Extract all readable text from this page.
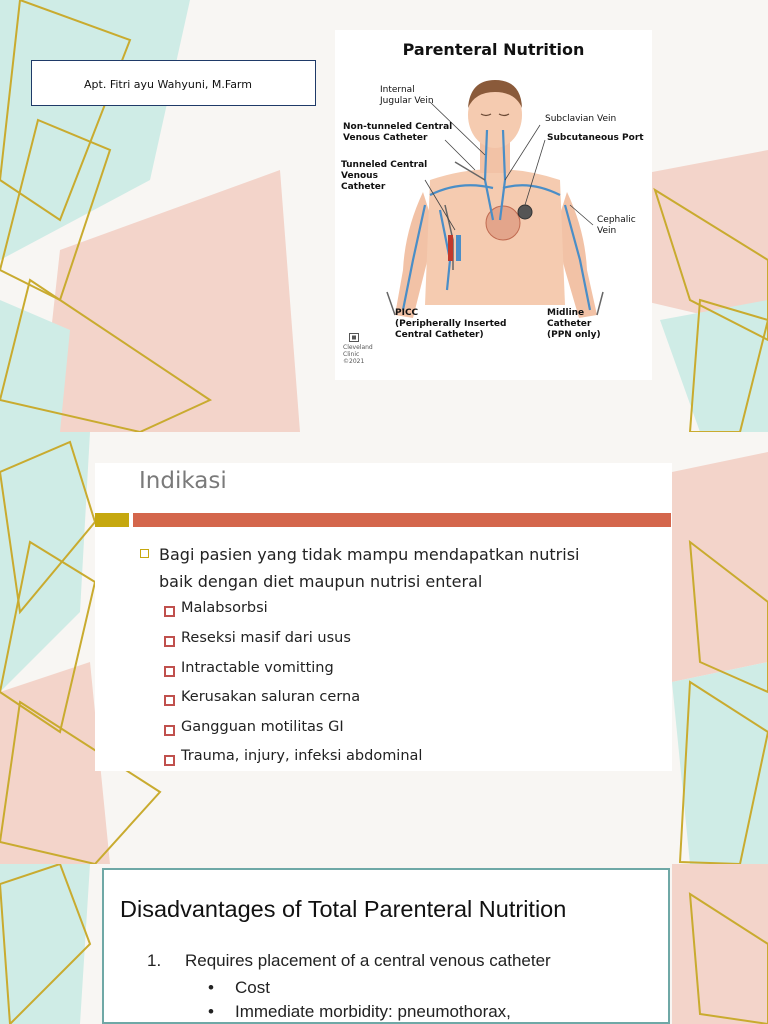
Apt. Fitri ayu Wahyuni, M.Farm
Parenteral Nutrition
Internal
Jugular Vein
Non-tunneled Central
Venous Catheter
Tunneled Central
Venous
Catheter
Subclavian Vein
Subcutaneous Port
Cephalic
Vein
PICC
(Peripherally Inserted
Central Catheter)
Midline
Catheter
(PPN only)
Cleveland
Clinic
©2021
Indikasi
Bagi pasien yang tidak mampu mendapatkan nutrisi
baik dengan diet maupun nutrisi enteral
Malabsorbsi
Reseksi masif dari usus
Intractable vomitting
Kerusakan saluran cerna
Gangguan motilitas GI
Trauma, injury, infeksi abdominal
Disadvantages of Total Parenteral Nutrition
1. Requires placement of a central venous catheter
• Cost
• Immediate morbidity: pneumothorax,
